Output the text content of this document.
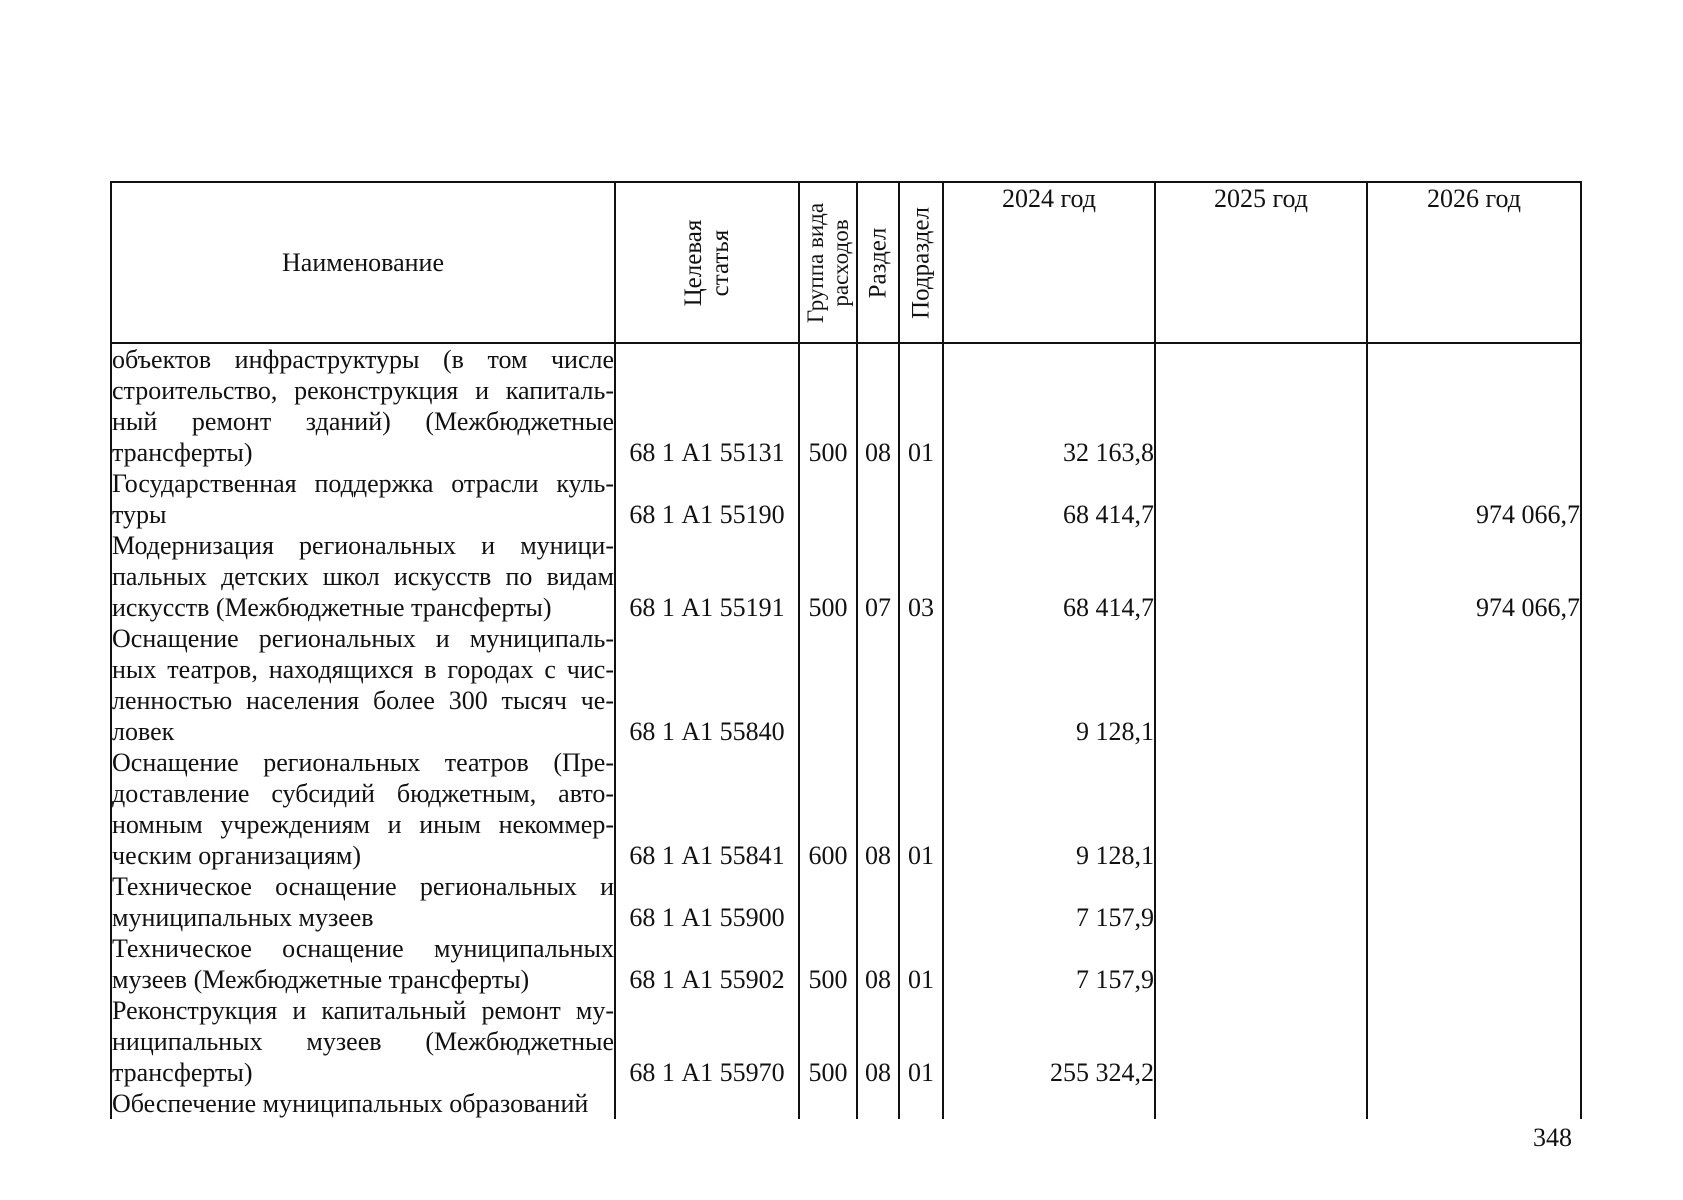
Наименование	Целевая статья	Группа вида расходов	Раздел	Подраздел	2024 год	2025 год	2026 год
объектов инфраструктуры (в том числе строительство, реконструкция и капиталь-ный ремонт зданий) (Межбюджетные трансферты)	68 1 А1 55131	500	08	01	32 163,8		
Государственная поддержка отрасли куль-туры	68 1 А1 55190				68 414,7		974 066,7
Модернизация региональных и муници-пальных детских школ искусств по видам искусств (Межбюджетные трансферты)	68 1 А1 55191	500	07	03	68 414,7		974 066,7
Оснащение региональных и муниципаль-ных театров, находящихся в городах с чис-ленностью населения более 300 тысяч че-ловек	68 1 А1 55840				9 128,1		
Оснащение региональных театров (Пре-доставление субсидий бюджетным, авто-номным учреждениям и иным некоммер-ческим организациям)	68 1 А1 55841	600	08	01	9 128,1		
Техническое оснащение региональных и муниципальных музеев	68 1 А1 55900				7 157,9		
Техническое оснащение муниципальных музеев (Межбюджетные трансферты)	68 1 А1 55902	500	08	01	7 157,9		
Реконструкция и капитальный ремонт му-ниципальных музеев (Межбюджетные трансферты)	68 1 А1 55970	500	08	01	255 324,2		
Обеспечение муниципальных образований							
348
